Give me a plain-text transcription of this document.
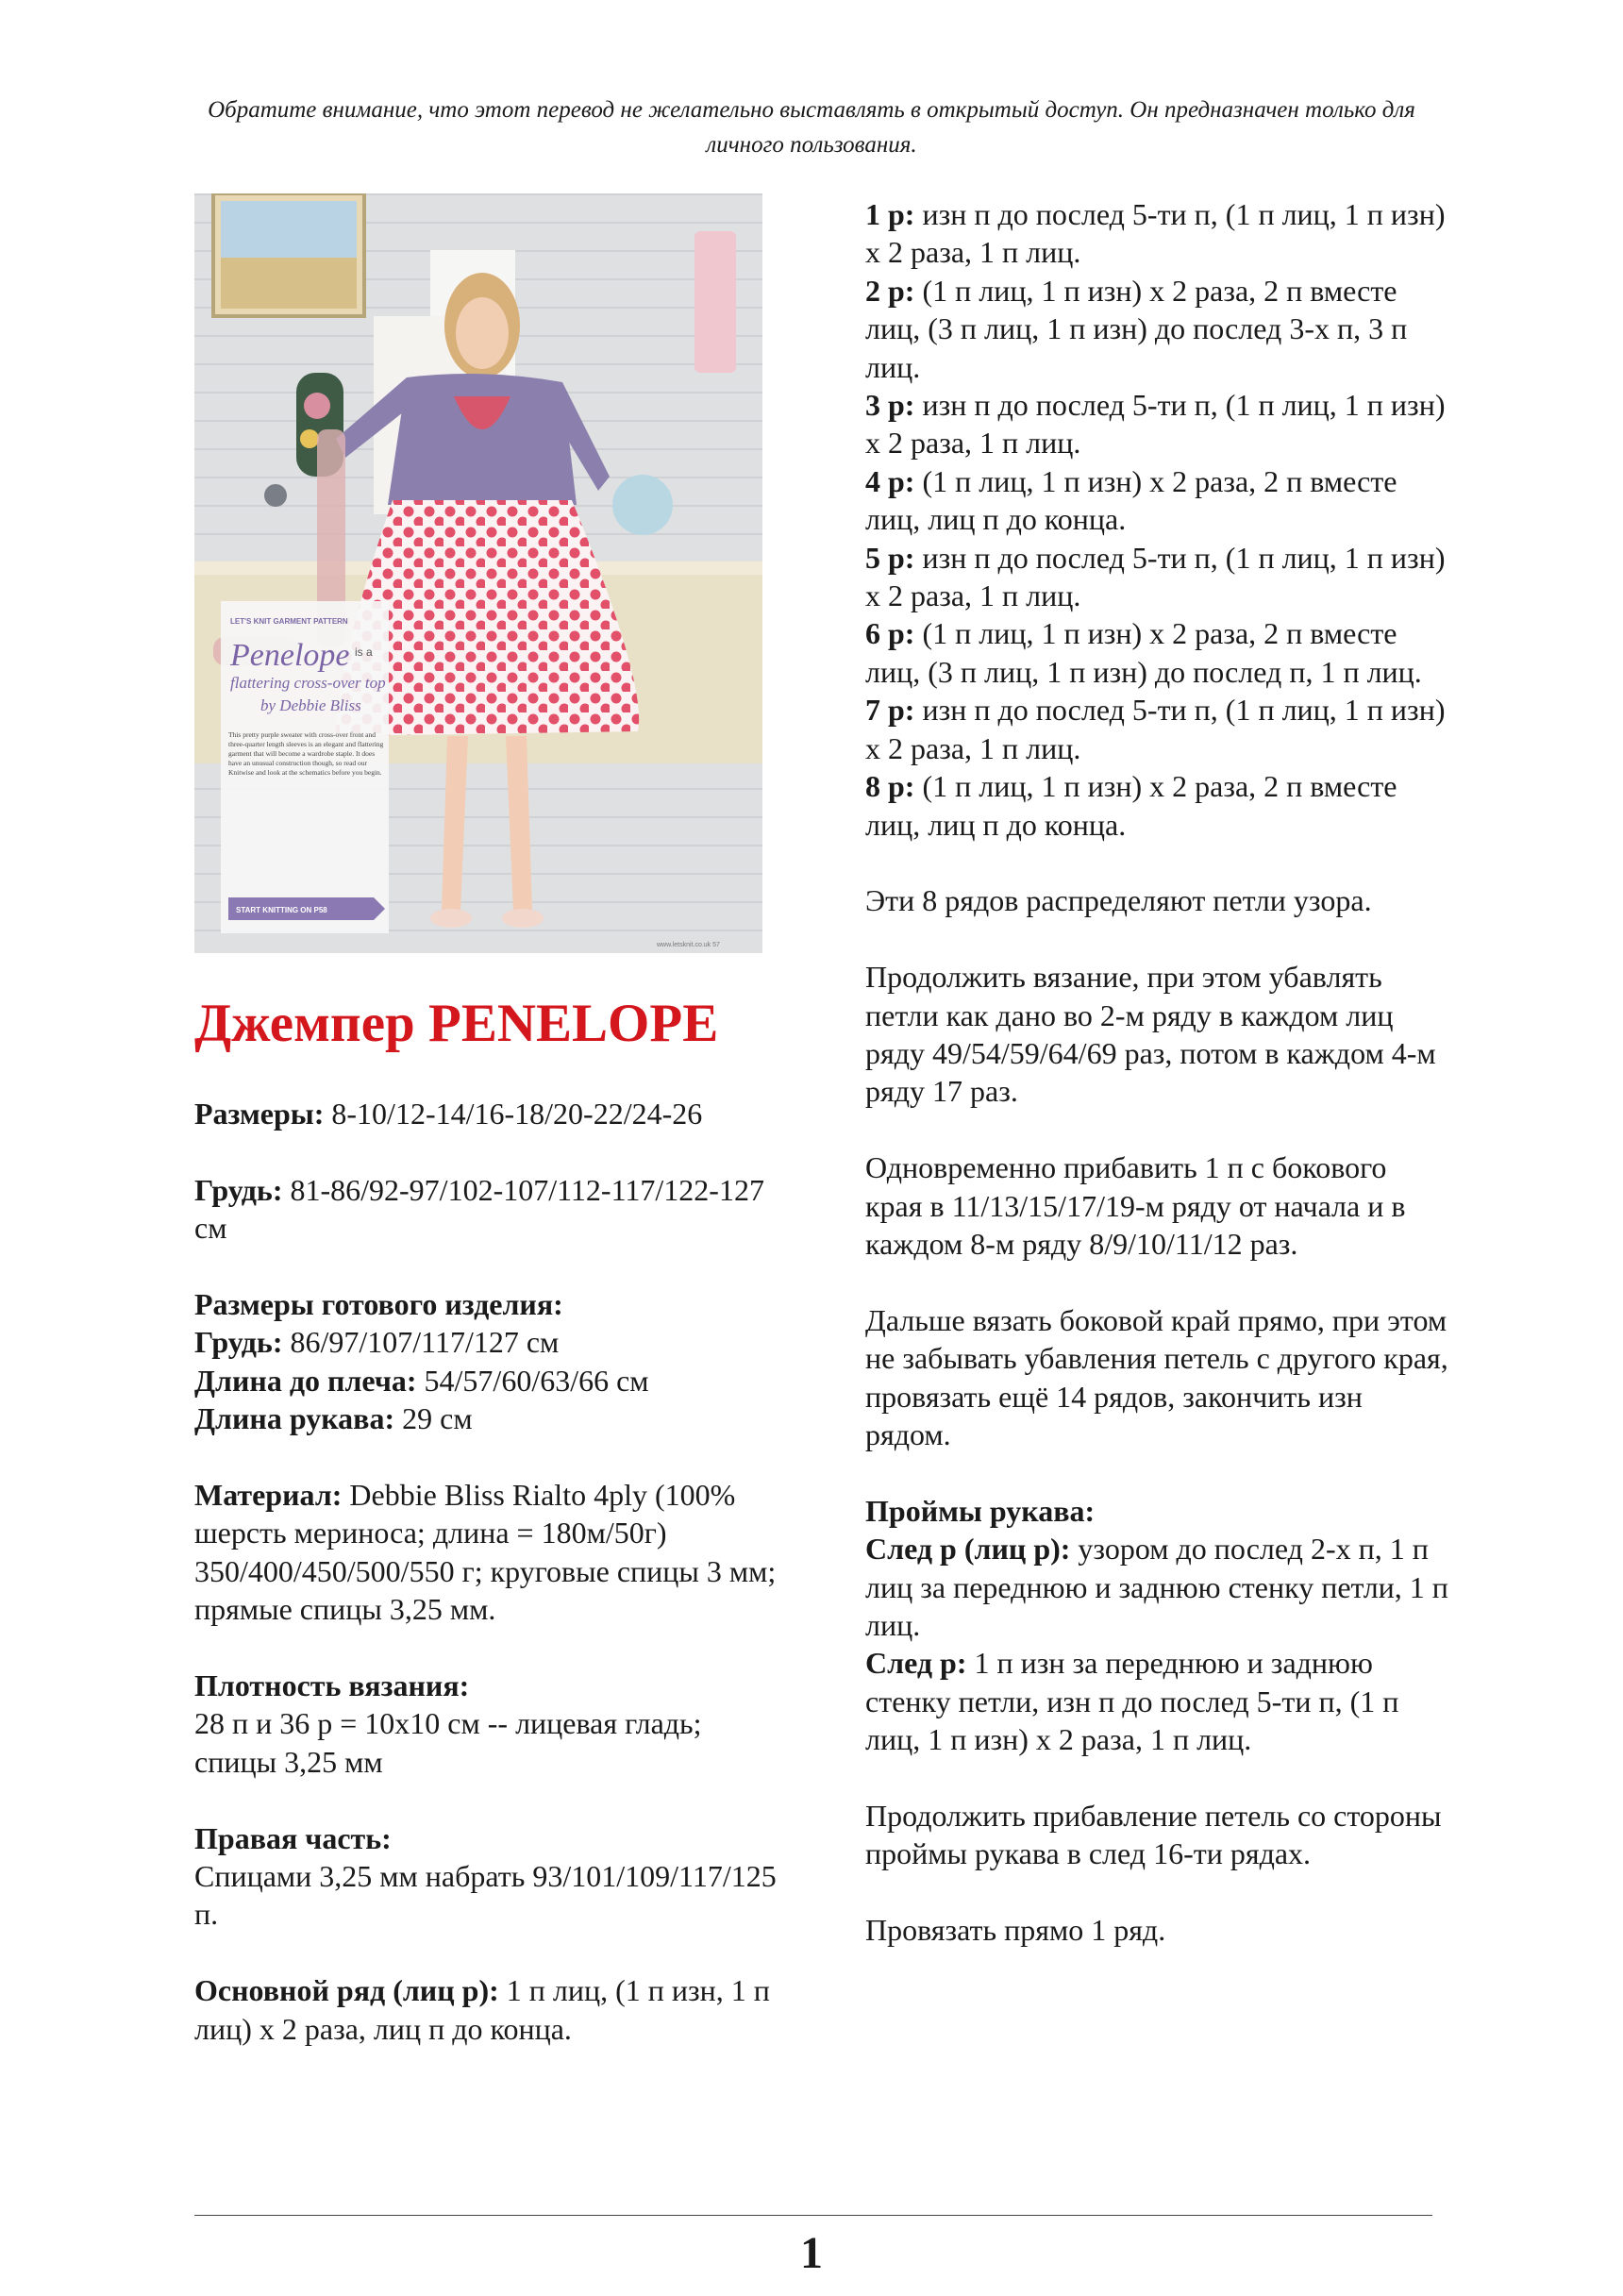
Обратите внимание, что этот перевод не желательно выставлять в открытый доступ. Он предназначен только для личного пользования.
LET'S KNIT GARMENT PATTERN
Penelope is a
flattering cross-over top
by Debbie Bliss
This pretty purple sweater with cross-over front and
three-quarter length sleeves is an elegant and flattering
garment that will become a wardrobe staple. It does
have an unusual construction though, so read our
Knitwise and look at the schematics before you begin.
START KNITTING ON P58
www.letsknit.co.uk 57
Джемпер PENELOPE

Размеры: 8-10/12-14/16-18/20-22/24-26

Грудь: 81-86/92-97/102-107/112-117/122-127 см

Размеры готового изделия:
Грудь: 86/97/107/117/127 см
Длина до плеча: 54/57/60/63/66 см
Длина рукава: 29 см

Материал: Debbie Bliss Rialto 4ply (100% шерсть мериноса; длина = 180м/50г) 350/400/450/500/550 г; круговые спицы 3 мм; прямые спицы 3,25 мм.

Плотность вязания:
28 п и 36 р = 10х10 см -- лицевая гладь; спицы 3,25 мм

Правая часть:
Спицами 3,25 мм набрать 93/101/109/117/125 п.

Основной ряд (лиц р): 1 п лиц, (1 п изн, 1 п лиц) х 2 раза, лиц п до конца.

1 р: изн п до послед 5-ти п, (1 п лиц, 1 п изн) х 2 раза, 1 п лиц.
2 р: (1 п лиц, 1 п изн) х 2 раза, 2 п вместе лиц, (3 п лиц, 1 п изн) до послед 3-х п, 3 п лиц.
3 р: изн п до послед 5-ти п, (1 п лиц, 1 п изн) х 2 раза, 1 п лиц.
4 р: (1 п лиц, 1 п изн) х 2 раза, 2 п вместе лиц, лиц п до конца.
5 р: изн п до послед 5-ти п, (1 п лиц, 1 п изн) х 2 раза, 1 п лиц.
6 р: (1 п лиц, 1 п изн) х 2 раза, 2 п вместе лиц, (3 п лиц, 1 п изн) до послед п, 1 п лиц.
7 р: изн п до послед 5-ти п, (1 п лиц, 1 п изн) х 2 раза, 1 п лиц.
8 р: (1 п лиц, 1 п изн) х 2 раза, 2 п вместе лиц, лиц п до конца.

Эти 8 рядов распределяют петли узора.

Продолжить вязание, при этом убавлять петли как дано во 2-м ряду в каждом лиц ряду 49/54/59/64/69 раз, потом в каждом 4-м ряду 17 раз.

Одновременно прибавить 1 п с бокового края в 11/13/15/17/19-м ряду от начала и в каждом 8-м ряду 8/9/10/11/12 раз.

Дальше вязать боковой край прямо, при этом не забывать убавления петель с другого края, провязать ещё 14 рядов, закончить изн рядом.

Проймы рукава:
След р (лиц р): узором до послед 2-х п, 1 п лиц за переднюю и заднюю стенку петли, 1 п лиц.
След р: 1 п изн за переднюю и заднюю стенку петли, изн п до послед 5-ти п, (1 п лиц, 1 п изн) х 2 раза, 1 п лиц.

Продолжить прибавление петель со стороны проймы рукава в след 16-ти рядах.

Провязать прямо 1 ряд.

1
